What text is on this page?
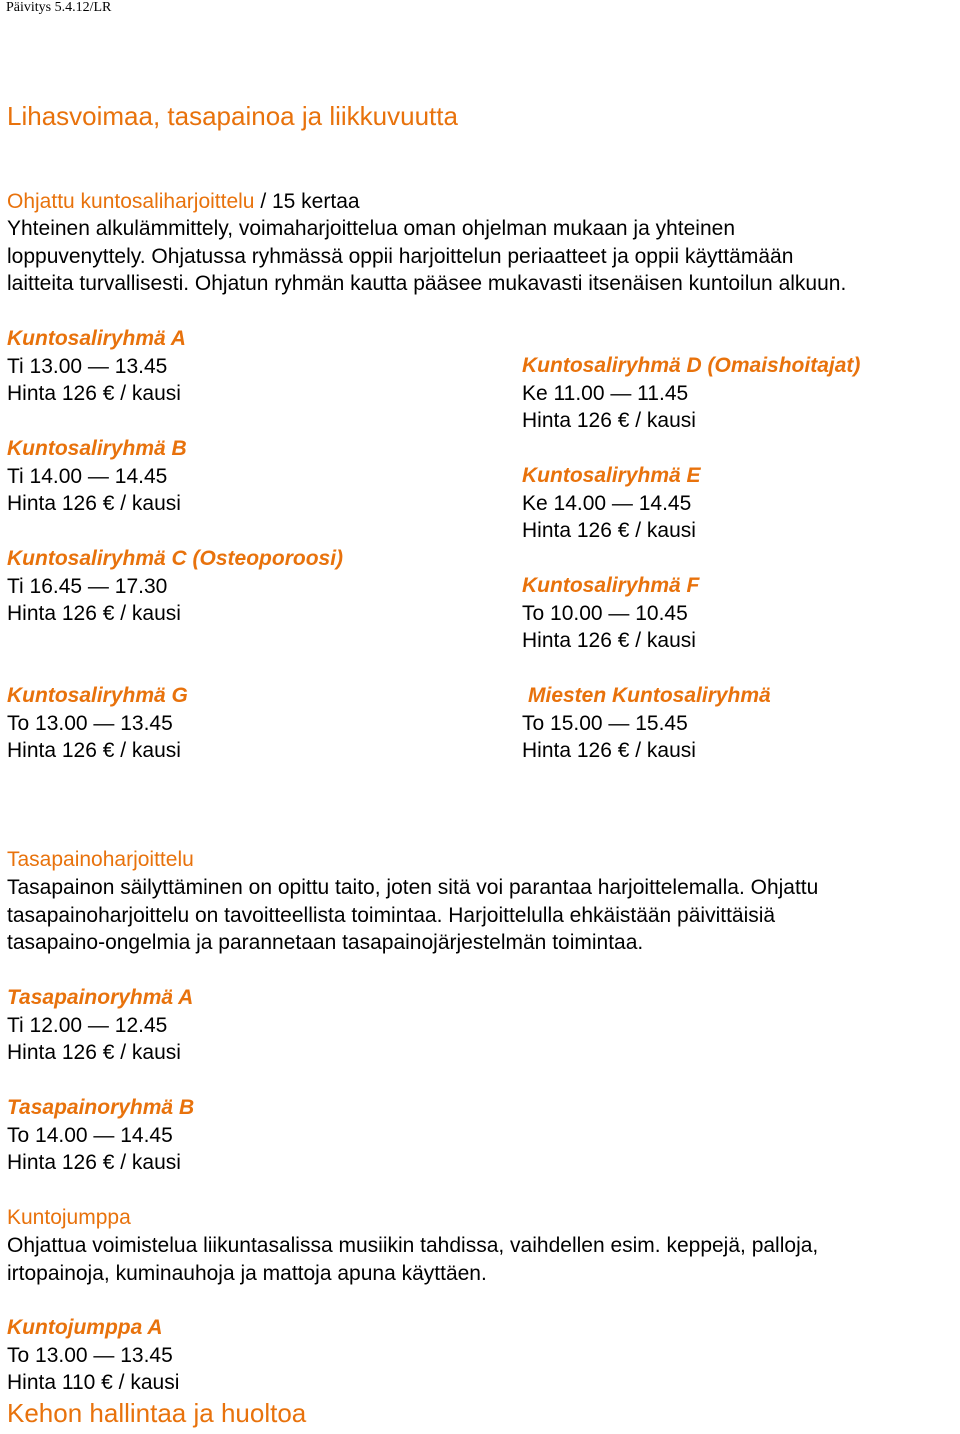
Päivitys 5.4.12/LR
Lihasvoimaa, tasapainoa ja liikkuvuutta
Ohjattu kuntosaliharjoittelu / 15 kertaa
Yhteinen alkulämmittely, voimaharjoittelua oman ohjelman mukaan ja yhteinen
loppuvenyttely. Ohjatussa ryhmässä oppii harjoittelun periaatteet ja oppii käyttämään
laitteita turvallisesti. Ohjatun ryhmän kautta pääsee mukavasti itsenäisen kuntoilun alkuun.
Kuntosaliryhmä A
Ti 13.00 — 13.45
Hinta 126 € / kausi
Kuntosaliryhmä B
Ti 14.00 — 14.45
Hinta 126 € / kausi
Kuntosaliryhmä C (Osteoporoosi)
Ti 16.45 — 17.30
Hinta 126 € / kausi
Kuntosaliryhmä G
To 13.00 — 13.45
Hinta 126 € / kausi
Kuntosaliryhmä D (Omaishoitajat)
Ke 11.00 — 11.45
Hinta 126 € / kausi
Kuntosaliryhmä E
Ke 14.00 — 14.45
Hinta 126 € / kausi
Kuntosaliryhmä F
To 10.00 — 10.45
Hinta 126 € / kausi
Miesten Kuntosaliryhmä
To 15.00 — 15.45
Hinta 126 € / kausi
Tasapainoharjoittelu
Tasapainon säilyttäminen on opittu taito, joten sitä voi parantaa harjoittelemalla. Ohjattu
tasapainoharjoittelu on tavoitteellista toimintaa. Harjoittelulla ehkäistään päivittäisiä
tasapaino-ongelmia ja parannetaan tasapainojärjestelmän toimintaa.
Tasapainoryhmä A
Ti 12.00 — 12.45
Hinta 126 € / kausi
Tasapainoryhmä B
To 14.00 — 14.45
Hinta 126 € / kausi
Kuntojumppa
Ohjattua voimistelua liikuntasalissa musiikin tahdissa, vaihdellen esim. keppejä, palloja,
irtopainoja, kuminauhoja ja mattoja apuna käyttäen.
Kuntojumppa A
To 13.00 — 13.45
Hinta 110 € / kausi
Kehon hallintaa ja huoltoa
